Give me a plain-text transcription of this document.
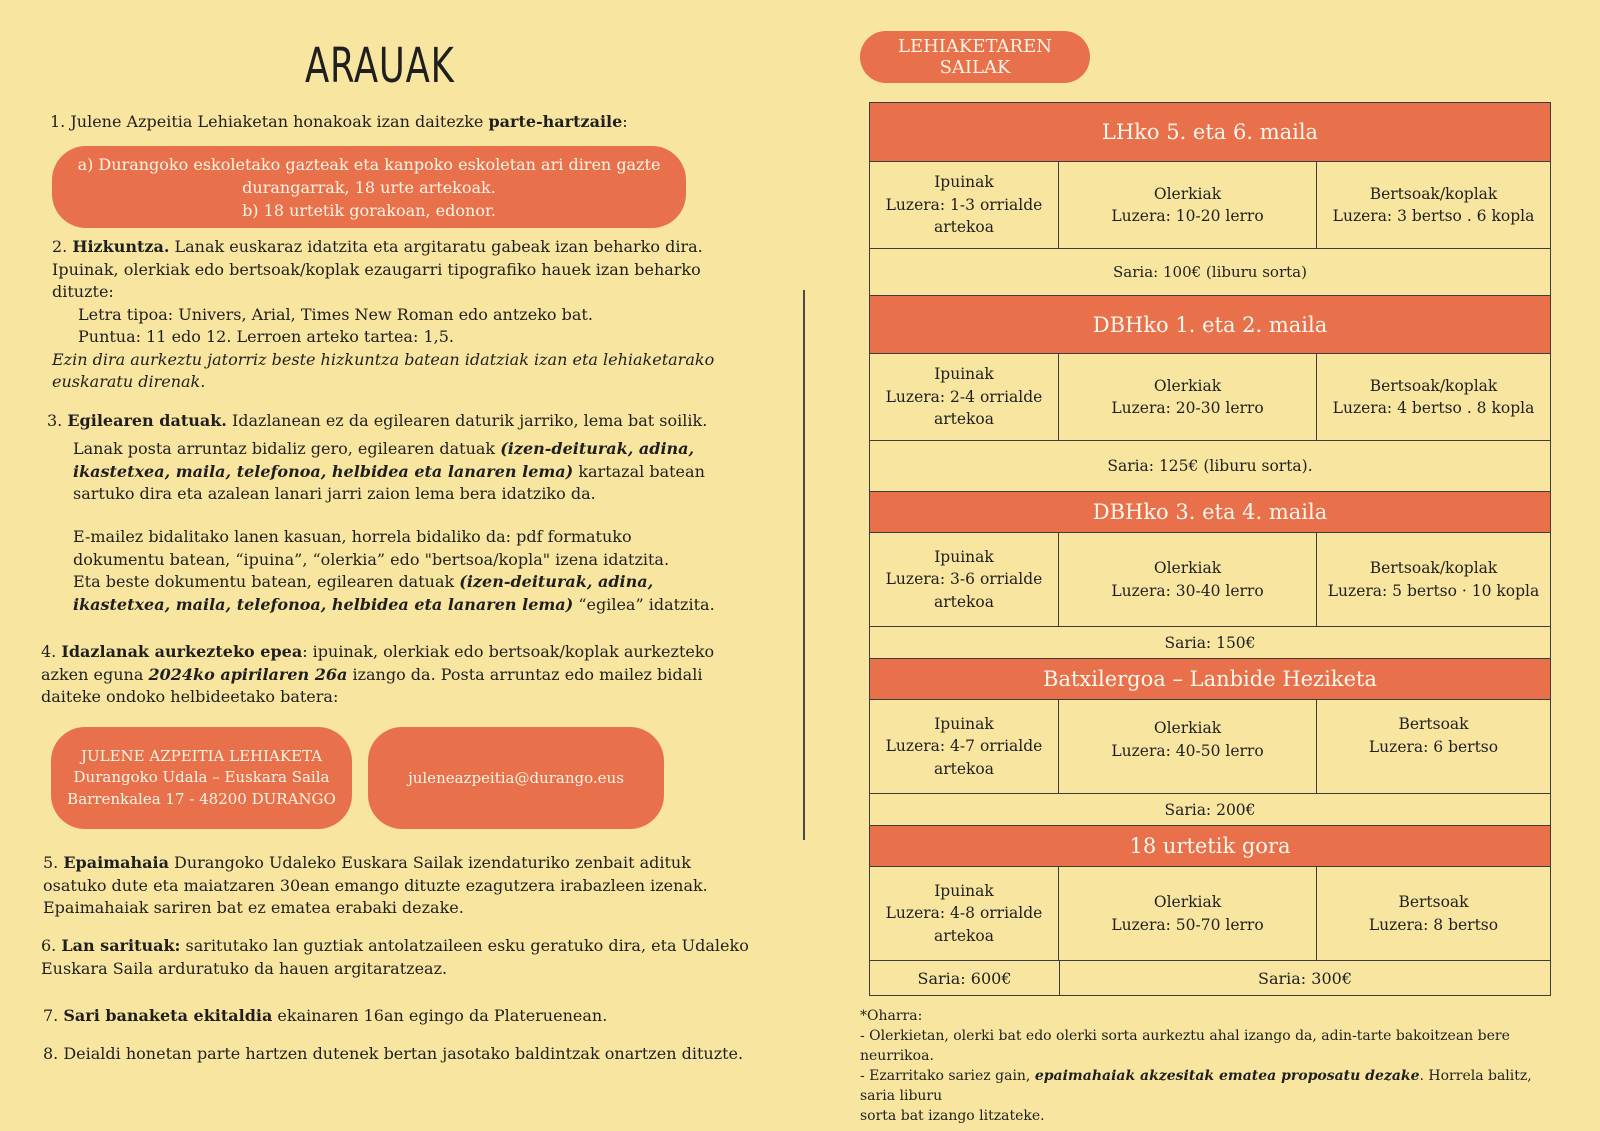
ARAUAK
1. Julene Azpeitia Lehiaketan honakoak izan daitezke parte-hartzaile:
a) Durangoko eskoletako gazteak eta kanpoko eskoletan ari diren gazte
durangarrak, 18 urte artekoak.
b) 18 urtetik gorakoan, edonor.

2. Hizkuntza. Lanak euskaraz idatzita eta argitaratu gabeak izan beharko dira.

Ipuinak, olerkiak edo bertsoak/koplak ezaugarri tipografiko hauek izan beharko

dituzte:

Letra tipoa: Univers, Arial, Times New Roman edo antzeko bat.

Puntua: 11 edo 12. Lerroen arteko tartea: 1,5.

Ezin dira aurkeztu jatorriz beste hizkuntza batean idatziak izan eta lehiaketarako

euskaratu direnak.

3. Egilearen datuak. Idazlanean ez da egilearen daturik jarriko, lema bat soilik.

Lanak posta arruntaz bidaliz gero, egilearen datuak (izen-deiturak, adina,

ikastetxea, maila, telefonoa, helbidea eta lanaren lema) kartazal batean

sartuko dira eta azalean lanari jarri zaion lema bera idatziko da.

E-mailez bidalitako lanen kasuan, horrela bidaliko da: pdf formatuko

dokumentu batean, “ipuina”, “olerkia” edo "bertsoa/kopla" izena idatzita.

Eta beste dokumentu batean, egilearen datuak (izen-deiturak, adina,

ikastetxea, maila, telefonoa, helbidea eta lanaren lema) “egilea” idatzita.

4. Idazlanak aurkezteko epea: ipuinak, olerkiak edo bertsoak/koplak aurkezteko

azken eguna 2024ko apirilaren 26a izango da. Posta arruntaz edo mailez bidali

daiteke ondoko helbideetako batera:

JULENE AZPEITIA LEHIAKETA
Durangoko Udala – Euskara Saila
Barrenkalea 17 - 48200 DURANGO
juleneazpeitia@durango.eus

5. Epaimahaia Durangoko Udaleko Euskara Sailak izendaturiko zenbait adituk

osatuko dute eta maiatzaren 30ean emango dituzte ezagutzera irabazleen izenak.

Epaimahaiak sariren bat ez ematea erabaki dezake.

6. Lan sarituak: saritutako lan guztiak antolatzaileen esku geratuko dira, eta Udaleko

Euskara Saila arduratuko da hauen argitaratzeaz.

7. Sari banaketa ekitaldia ekainaren 16an egingo da Plateruenean.
8. Deialdi honetan parte hartzen dutenek bertan jasotako baldintzak onartzen dituzte.
LEHIAKETAREN SAILAK
LHko 5. eta 6. maila
Ipuinak
Luzera: 1-3 orrialde
artekoa
Olerkiak
Luzera: 10-20 lerro
Bertsoak/koplak
Luzera: 3 bertso . 6 kopla
Saria: 100€ (liburu sorta)
DBHko 1. eta 2. maila
Ipuinak
Luzera: 2-4 orrialde
artekoa
Olerkiak
Luzera: 20-30 lerro
Bertsoak/koplak
Luzera: 4 bertso . 8 kopla
Saria: 125€ (liburu sorta).
DBHko 3. eta 4. maila
Ipuinak
Luzera: 3-6 orrialde
artekoa
Olerkiak
Luzera: 30-40 lerro
Bertsoak/koplak
Luzera: 5 bertso · 10 kopla
Saria: 150€
Batxilergoa – Lanbide Heziketa
Ipuinak
Luzera: 4-7 orrialde
artekoa
Olerkiak
Luzera: 40-50 lerro
Bertsoak
Luzera: 6 bertso
Saria: 200€
18 urtetik gora
Ipuinak
Luzera: 4-8 orrialde
artekoa
Olerkiak
Luzera: 50-70 lerro
Bertsoak
Luzera: 8 bertso
Saria: 600€	Saria: 300€
*Oharra:
- Olerkietan, olerki bat edo olerki sorta aurkeztu ahal izango da, adin-tarte bakoitzean bere
neurrikoa.
- Ezarritako sariez gain, epaimahaiak akzesitak ematea proposatu dezake. Horrela balitz, saria liburu
sorta bat izango litzateke.
